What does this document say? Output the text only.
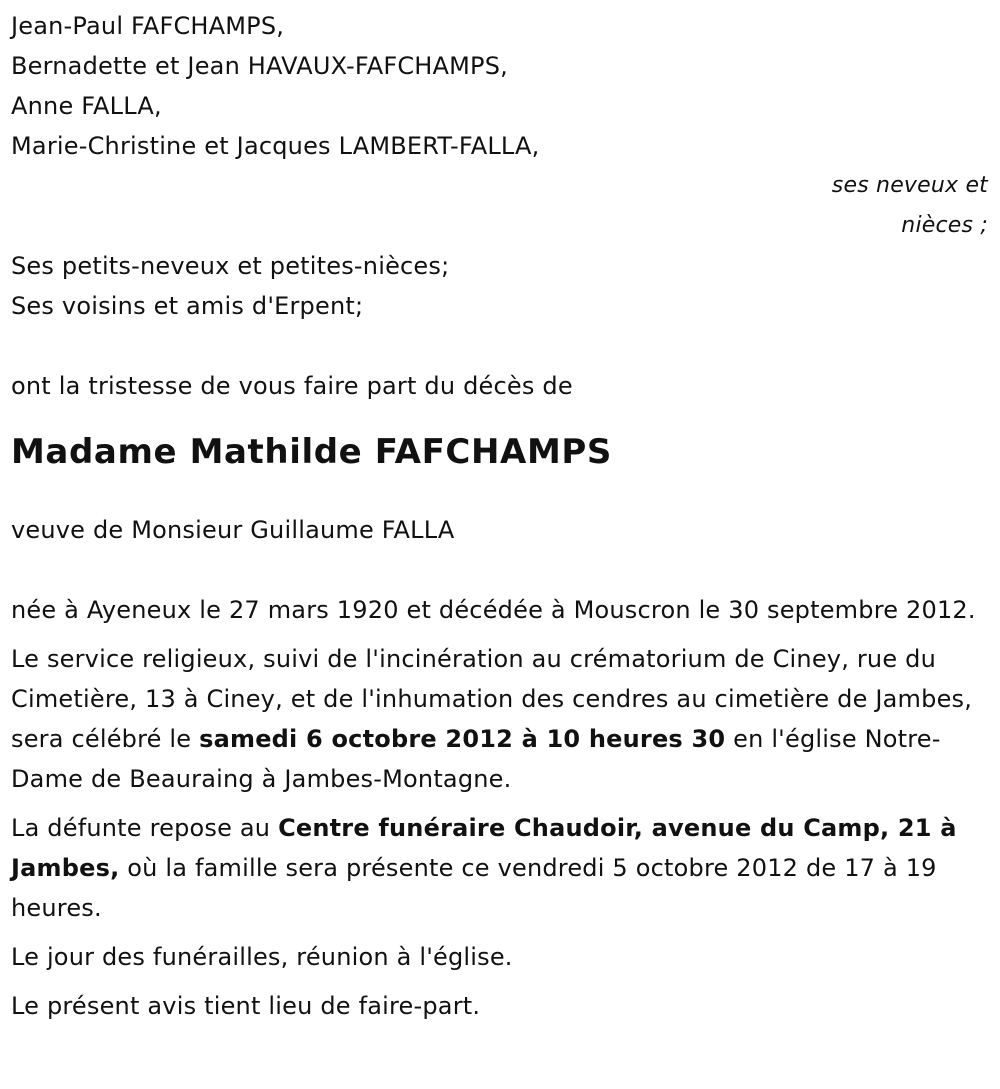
Jean-Paul FAFCHAMPS,
Bernadette et Jean HAVAUX-FAFCHAMPS,
Anne FALLA,
Marie-Christine et Jacques LAMBERT-FALLA,
ses neveux et
nièces ;
Ses petits-neveux et petites-nièces;
Ses voisins et amis d'Erpent;
ont la tristesse de vous faire part du décès de
Madame Mathilde FAFCHAMPS
veuve de Monsieur Guillaume FALLA

née à Ayeneux le 27 mars 1920 et décédée à Mouscron le 30 septembre 2012.

Le service religieux, suivi de l'incinération au crématorium de Ciney, rue du Cimetière, 13 à Ciney, et de l'inhumation des cendres au cimetière de Jambes, sera célébré le samedi 6 octobre 2012 à 10 heures 30 en l'église Notre-Dame de Beauraing à Jambes-Montagne.

La défunte repose au Centre funéraire Chaudoir, avenue du Camp, 21 à Jambes, où la famille sera présente ce vendredi 5 octobre 2012 de 17 à 19 heures.

Le jour des funérailles, réunion à l'église.

Le présent avis tient lieu de faire-part.
